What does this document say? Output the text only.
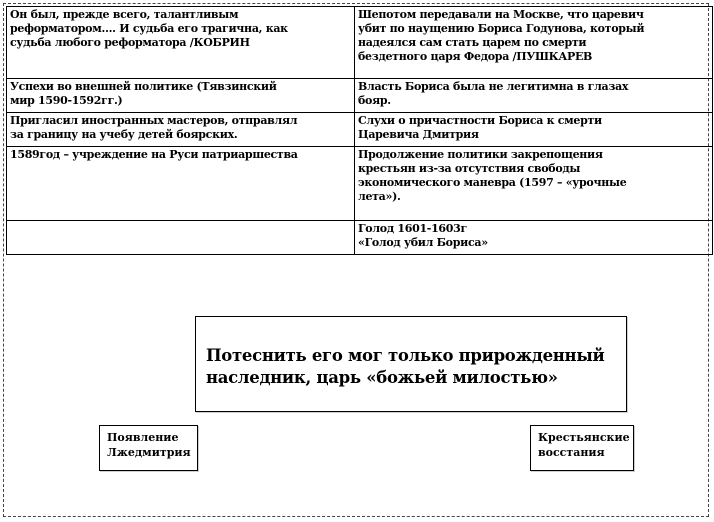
Он был, прежде всего, талантливым
реформатором…. И судьба его трагична, как
судьба любого реформатора /КОБРИН	Шепотом передавали на Москве, что царевич
убит по наущению Бориса Годунова, который
надеялся сам стать царем по смерти
бездетного царя Федора /ПУШКАРЕВ
Успехи во внешней политике (Тявзинский
мир 1590-1592гг.)	Власть Бориса была не легитимна в глазах
бояр.
Пригласил иностранных мастеров, отправлял
за границу на учебу детей боярских.	Слухи о причастности Бориса к смерти
Царевича Дмитрия
1589год – учреждение на Руси патриаршества	Продолжение политики закрепощения
крестьян из-за отсутствия свободы
экономического маневра (1597 – «урочные
лета»).
	Голод 1601-1603г
«Голод убил Бориса»
Потеснить его мог только прирожденный
наследник, царь «божьей милостью»
Появление
Лжедмитрия
Крестьянские
восстания
